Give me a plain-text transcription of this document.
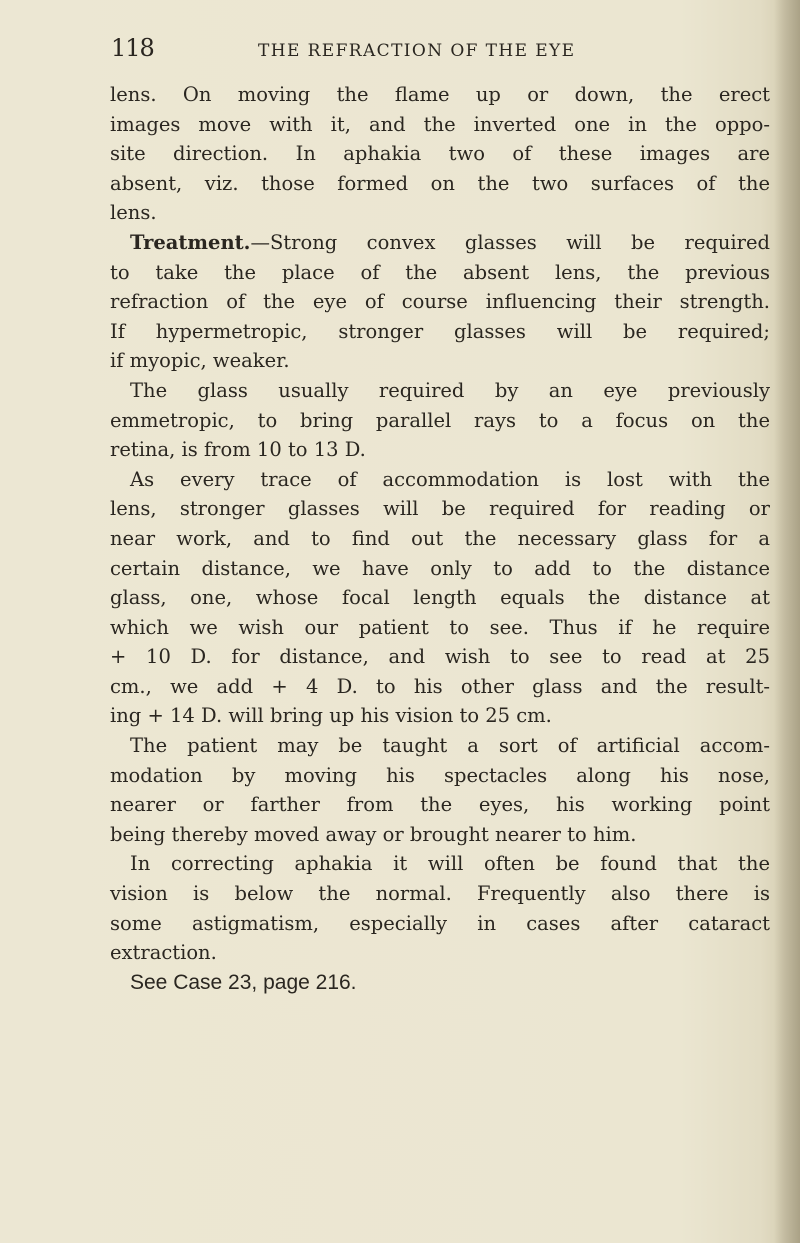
118	THE REFRACTION OF THE EYE
lens. On moving the flame up or down, the erect
images move with it, and the inverted one in the oppo-
site direction. In aphakia two of these images are
absent, viz. those formed on the two surfaces of the
lens.
Treatment.—Strong convex glasses will be required
to take the place of the absent lens, the previous
refraction of the eye of course influencing their strength.
If hypermetropic, stronger glasses will be required;
if myopic, weaker.
The glass usually required by an eye previously
emmetropic, to bring parallel rays to a focus on the
retina, is from 10 to 13 D.
As every trace of accommodation is lost with the
lens, stronger glasses will be required for reading or
near work, and to find out the necessary glass for a
certain distance, we have only to add to the distance
glass, one, whose focal length equals the distance at
which we wish our patient to see. Thus if he require
+ 10 D. for distance, and wish to see to read at 25
cm., we add + 4 D. to his other glass and the result-
ing + 14 D. will bring up his vision to 25 cm.
The patient may be taught a sort of artificial accom-
modation by moving his spectacles along his nose,
nearer or farther from the eyes, his working point
being thereby moved away or brought nearer to him.
In correcting aphakia it will often be found that the
vision is below the normal. Frequently also there is
some astigmatism, especially in cases after cataract
extraction.
See Case 23, page 216.
